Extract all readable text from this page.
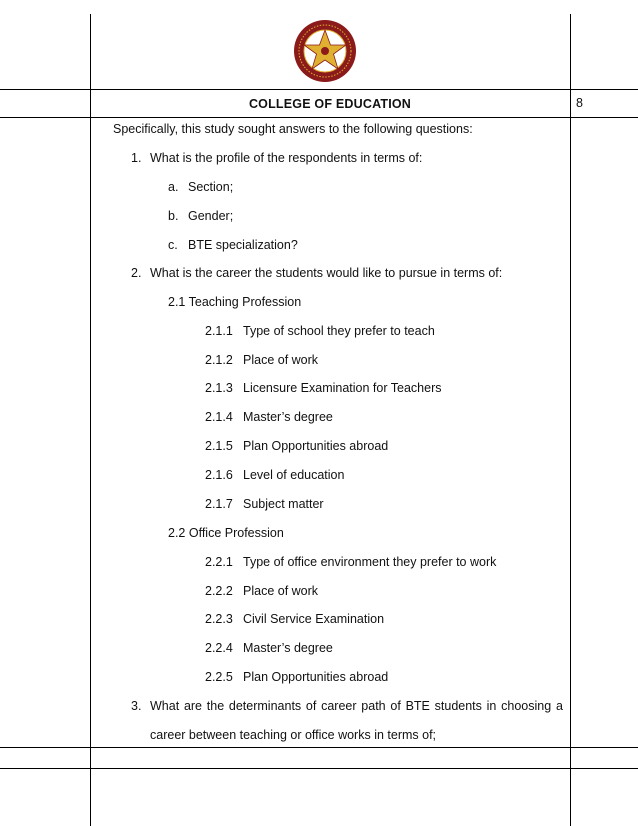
COLLEGE OF EDUCATION	8
Specifically, this study sought answers to the following questions:
1. What is the profile of the respondents in terms of:
a. Section;
b. Gender;
c. BTE specialization?
2. What is the career the students would like to pursue in terms of:
2.1 Teaching Profession
2.1.1 Type of school they prefer to teach
2.1.2 Place of work
2.1.3 Licensure Examination for Teachers
2.1.4 Master’s degree
2.1.5 Plan Opportunities abroad
2.1.6 Level of education
2.1.7 Subject matter
2.2 Office Profession
2.2.1 Type of office environment they prefer to work
2.2.2 Place of work
2.2.3 Civil Service Examination
2.2.4 Master’s degree
2.2.5 Plan Opportunities abroad
3. What are the determinants of career path of BTE students in choosing a
career between teaching or office works in terms of;
